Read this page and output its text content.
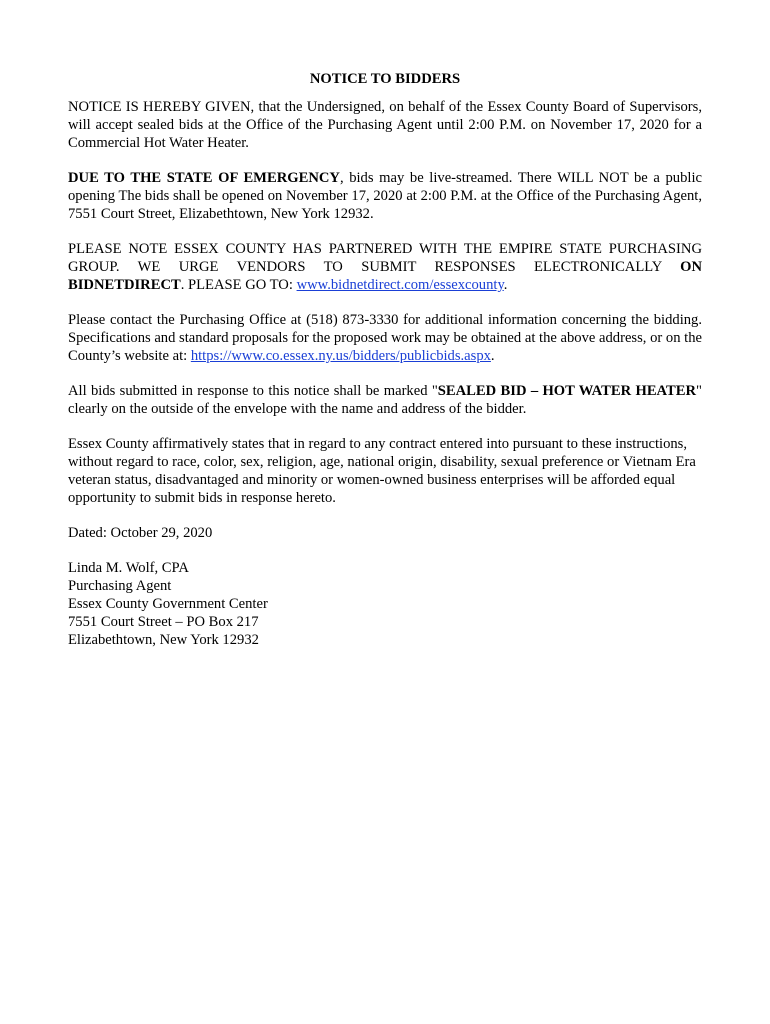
NOTICE TO BIDDERS

NOTICE IS HEREBY GIVEN, that the Undersigned, on behalf of the Essex County Board of Supervisors, will accept sealed bids at the Office of the Purchasing Agent until 2:00 P.M. on November 17, 2020 for a Commercial Hot Water Heater.

DUE TO THE STATE OF EMERGENCY, bids may be live-streamed. There WILL NOT be a public opening The bids shall be opened on November 17, 2020 at 2:00 P.M. at the Office of the Purchasing Agent, 7551 Court Street, Elizabethtown, New York 12932.

PLEASE NOTE ESSEX COUNTY HAS PARTNERED WITH THE EMPIRE STATE PURCHASING GROUP. WE URGE VENDORS TO SUBMIT RESPONSES ELECTRONICALLY ON BIDNETDIRECT. PLEASE GO TO: www.bidnetdirect.com/essexcounty.

Please contact the Purchasing Office at (518) 873-3330 for additional information concerning the bidding. Specifications and standard proposals for the proposed work may be obtained at the above address, or on the County’s website at: https://www.co.essex.ny.us/bidders/publicbids.aspx.

All bids submitted in response to this notice shall be marked "SEALED BID – HOT WATER HEATER" clearly on the outside of the envelope with the name and address of the bidder.

Essex County affirmatively states that in regard to any contract entered into pursuant to these instructions, without regard to race, color, sex, religion, age, national origin, disability, sexual preference or Vietnam Era veteran status, disadvantaged and minority or women-owned business enterprises will be afforded equal opportunity to submit bids in response hereto.

Dated: October 29, 2020

Linda M. Wolf, CPA
Purchasing Agent
Essex County Government Center
7551 Court Street – PO Box 217
Elizabethtown, New York 12932
